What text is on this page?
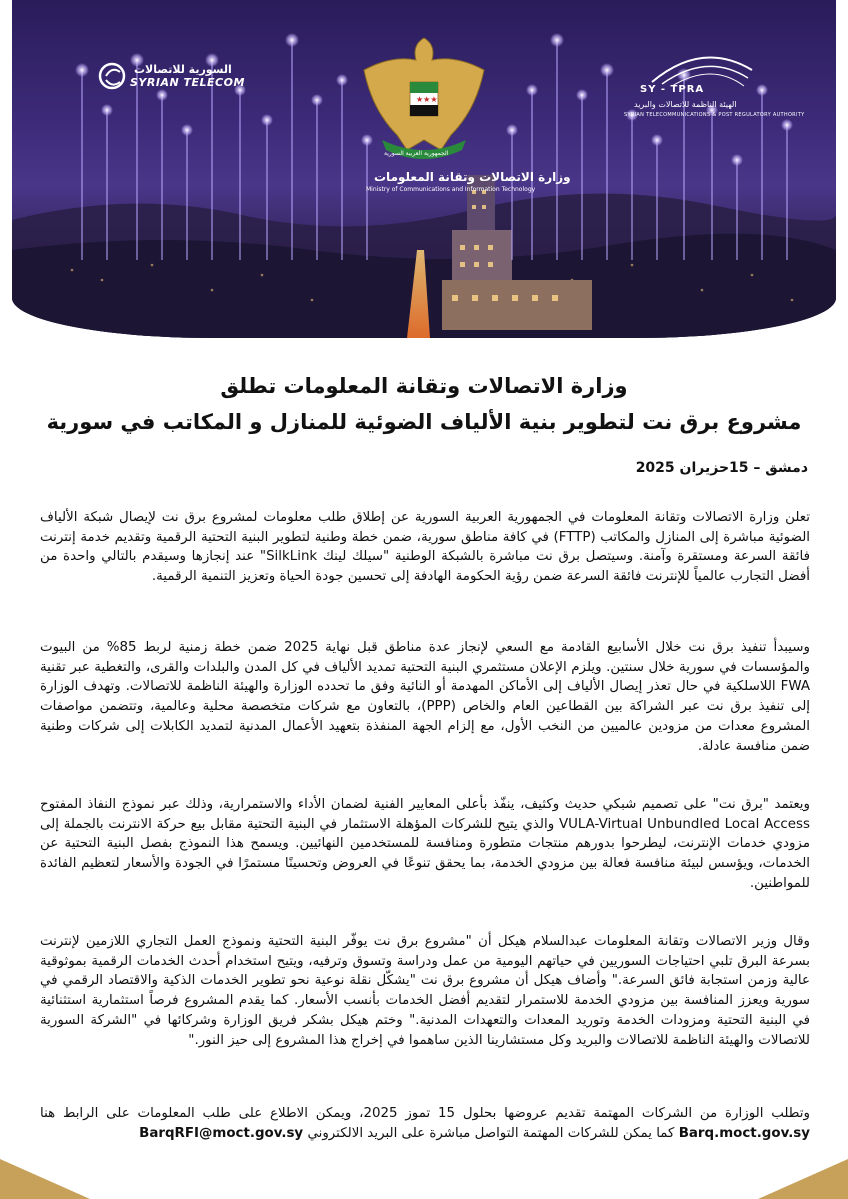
★★★
السورية للاتصالات
SYRIAN TELECOM
SY - TPRA
الهيئة الناظمة للاتصالات والبريد
SYRIAN TELECOMMUNICATIONS & POST REGULATORY AUTHORITY
الجمهورية العربية السورية
وزارة الاتصالات وتقانة المعلومات
Ministry of Communications and Information Technology
وزارة الاتصالات وتقانة المعلومات تطلق
مشروع برق نت لتطوير بنية الألياف الضوئية للمنازل و المكاتب في سورية
دمشق – 15حزيران 2025
تعلن وزارة الاتصالات وتقانة المعلومات في الجمهورية العربية السورية عن إطلاق طلب معلومات لمشروع برق نت لإيصال شبكة الألياف الضوئية مباشرة إلى المنازل والمكاتب (FTTP) في كافة مناطق سورية، ضمن خطة وطنية لتطوير البنية التحتية الرقمية وتقديم خدمة إنترنت فائقة السرعة ومستقرة وآمنة. وسيتصل برق نت مباشرة بالشبكة الوطنية "سيلك لينك SilkLink" عند إنجازها وسيقدم بالتالي واحدة من أفضل التجارب عالمياً للإنترنت فائقة السرعة ضمن رؤية الحكومة الهادفة إلى تحسين جودة الحياة وتعزيز التنمية الرقمية.
وسيبدأ تنفيذ برق نت خلال الأسابيع القادمة مع السعي لإنجاز عدة مناطق قبل نهاية 2025 ضمن خطة زمنية لربط 85% من البيوت والمؤسسات في سورية خلال سنتين. ويلزم الإعلان مستثمري البنية التحتية تمديد الألياف في كل المدن والبلدات والقرى، والتغطية عبر تقنية FWA اللاسلكية في حال تعذر إيصال الألياف إلى الأماكن المهدمة أو النائية وفق ما تحدده الوزارة والهيئة الناظمة للاتصالات. وتهدف الوزارة إلى تنفيذ برق نت عبر الشراكة بين القطاعين العام والخاص (PPP)، بالتعاون مع شركات متخصصة محلية وعالمية، وتتضمن مواصفات المشروع معدات من مزودين عالميين من النخب الأول، مع إلزام الجهة المنفذة بتعهيد الأعمال المدنية لتمديد الكابلات إلى شركات وطنية ضمن منافسة عادلة.
ويعتمد "برق نت" على تصميم شبكي حديث وكثيف، ينفّذ بأعلى المعايير الفنية لضمان الأداء والاستمرارية، وذلك عبر نموذج النفاذ المفتوح VULA-Virtual Unbundled Local Access والذي يتيح للشركات المؤهلة الاستثمار في البنية التحتية مقابل بيع حركة الانترنت بالجملة إلى مزودي خدمات الإنترنت، ليطرحوا بدورهم منتجات متطورة ومنافسة للمستخدمين النهائيين. ويسمح هذا النموذج بفصل البنية التحتية عن الخدمات، ويؤسس لبيئة منافسة فعالة بين مزودي الخدمة، بما يحقق تنوعًا في العروض وتحسينًا مستمرًا في الجودة والأسعار لتعظيم الفائدة للمواطنين.
وقال وزير الاتصالات وتقانة المعلومات عبدالسلام هيكل أن "مشروع برق نت يوفّر البنية التحتية ونموذج العمل التجاري اللازمين لإنترنت بسرعة البرق تلبي احتياجات السوريين في حياتهم اليومية من عمل ودراسة وتسوق وترفيه، ويتيح استخدام أحدث الخدمات الرقمية بموثوقية عالية وزمن استجابة فائق السرعة." وأضاف هيكل أن مشروع برق نت "يشكّل نقلة نوعية نحو تطوير الخدمات الذكية والاقتصاد الرقمي في سورية ويعزز المنافسة بين مزودي الخدمة للاستمرار لتقديم أفضل الخدمات بأنسب الأسعار. كما يقدم المشروع فرصاً استثمارية استثنائية في البنية التحتية ومزودات الخدمة وتوريد المعدات والتعهدات المدنية." وختم هيكل بشكر فريق الوزارة وشركائها في "الشركة السورية للاتصالات والهيئة الناظمة للاتصالات والبريد وكل مستشارينا الذين ساهموا في إخراج هذا المشروع إلى حيز النور."
وتطلب الوزارة من الشركات المهتمة تقديم عروضها بحلول 15 تموز 2025، ويمكن الاطلاع على طلب المعلومات على الرابط هنا Barq.moct.gov.sy كما يمكن للشركات المهتمة التواصل مباشرة على البريد الالكتروني BarqRFI@moct.gov.sy
